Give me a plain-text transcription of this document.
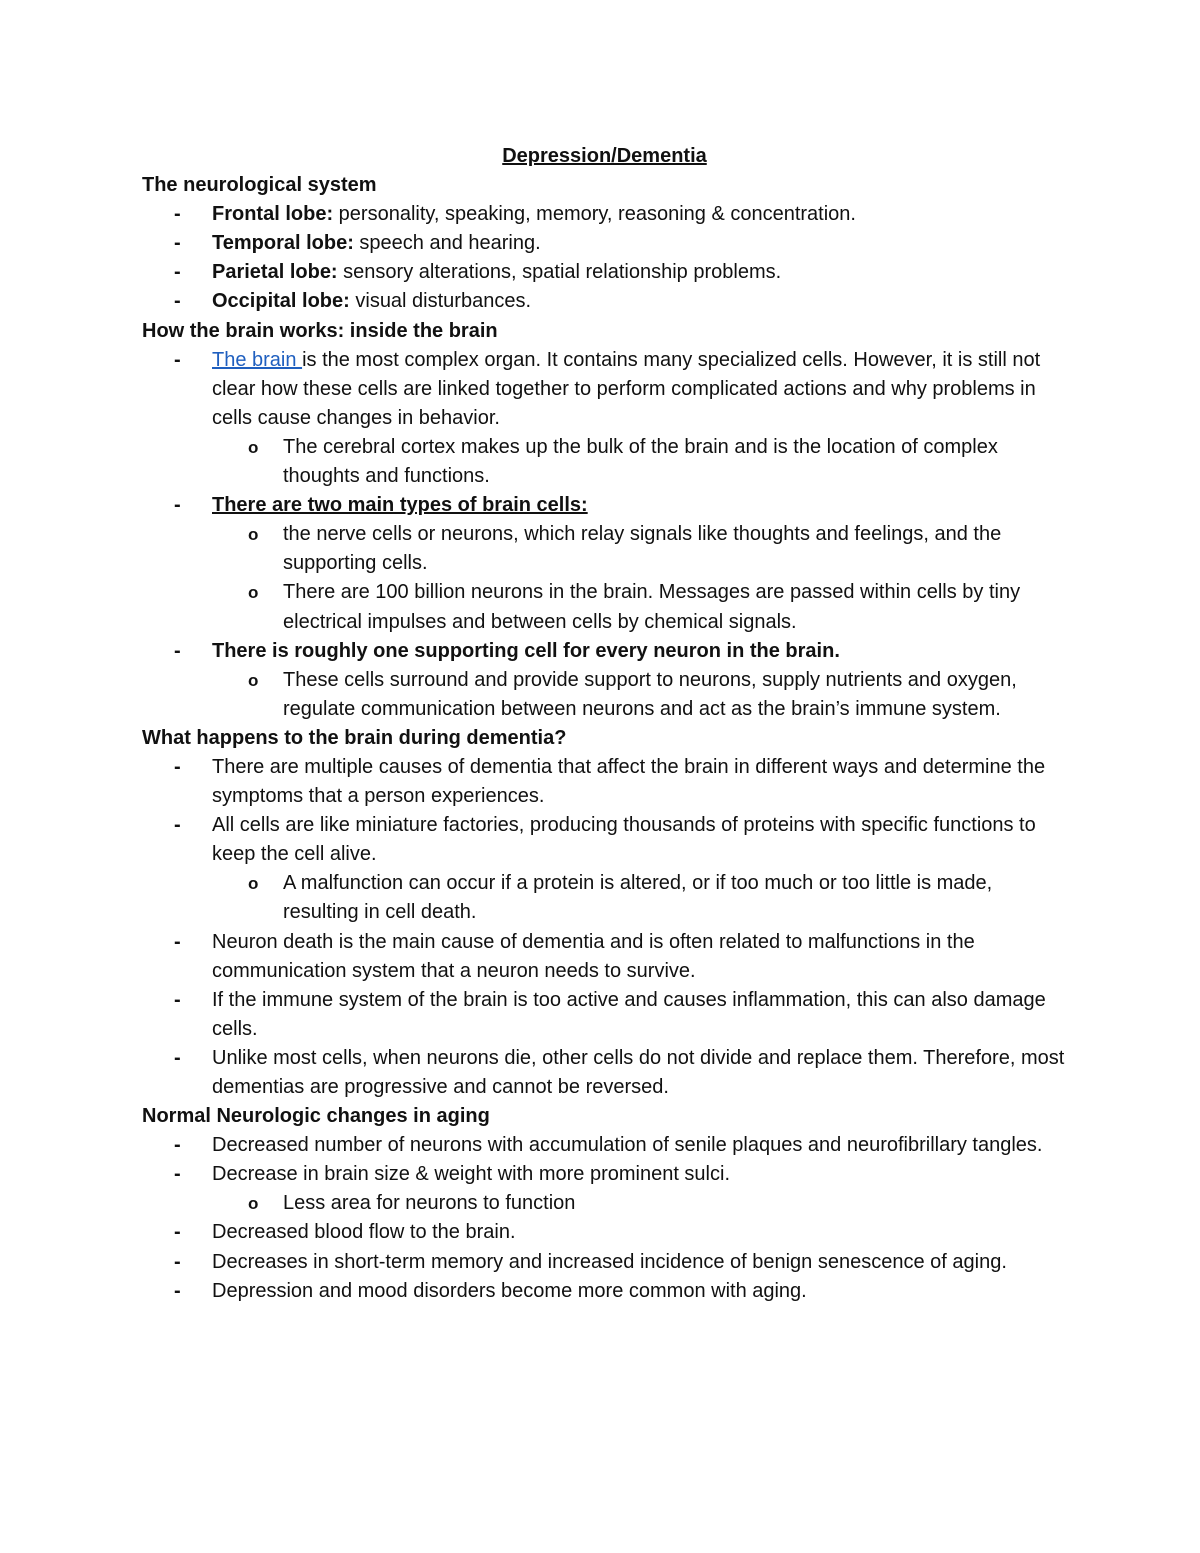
Depression/Dementia
The neurological system
- Frontal lobe: personality, speaking, memory, reasoning & concentration.
- Temporal lobe: speech and hearing.
- Parietal lobe: sensory alterations, spatial relationship problems.
- Occipital lobe: visual disturbances.
How the brain works: inside the brain
- The brain is the most complex organ. It contains many specialized cells. However, it is still not clear how these cells are linked together to perform complicated actions and why problems in cells cause changes in behavior.
o The cerebral cortex makes up the bulk of the brain and is the location of complex thoughts and functions.
- There are two main types of brain cells:
o the nerve cells or neurons, which relay signals like thoughts and feelings, and the supporting cells.
o There are 100 billion neurons in the brain. Messages are passed within cells by tiny electrical impulses and between cells by chemical signals.
- There is roughly one supporting cell for every neuron in the brain.
o These cells surround and provide support to neurons, supply nutrients and oxygen, regulate communication between neurons and act as the brain’s immune system.
What happens to the brain during dementia?
- There are multiple causes of dementia that affect the brain in different ways and determine the symptoms that a person experiences.
- All cells are like miniature factories, producing thousands of proteins with specific functions to keep the cell alive.
o A malfunction can occur if a protein is altered, or if too much or too little is made, resulting in cell death.
- Neuron death is the main cause of dementia and is often related to malfunctions in the communication system that a neuron needs to survive.
- If the immune system of the brain is too active and causes inflammation, this can also damage cells.
- Unlike most cells, when neurons die, other cells do not divide and replace them. Therefore, most dementias are progressive and cannot be reversed.
Normal Neurologic changes in aging
- Decreased number of neurons with accumulation of senile plaques and neurofibrillary tangles.
- Decrease in brain size & weight with more prominent sulci.
o Less area for neurons to function
- Decreased blood flow to the brain.
- Decreases in short-term memory and increased incidence of benign senescence of aging.
- Depression and mood disorders become more common with aging.
